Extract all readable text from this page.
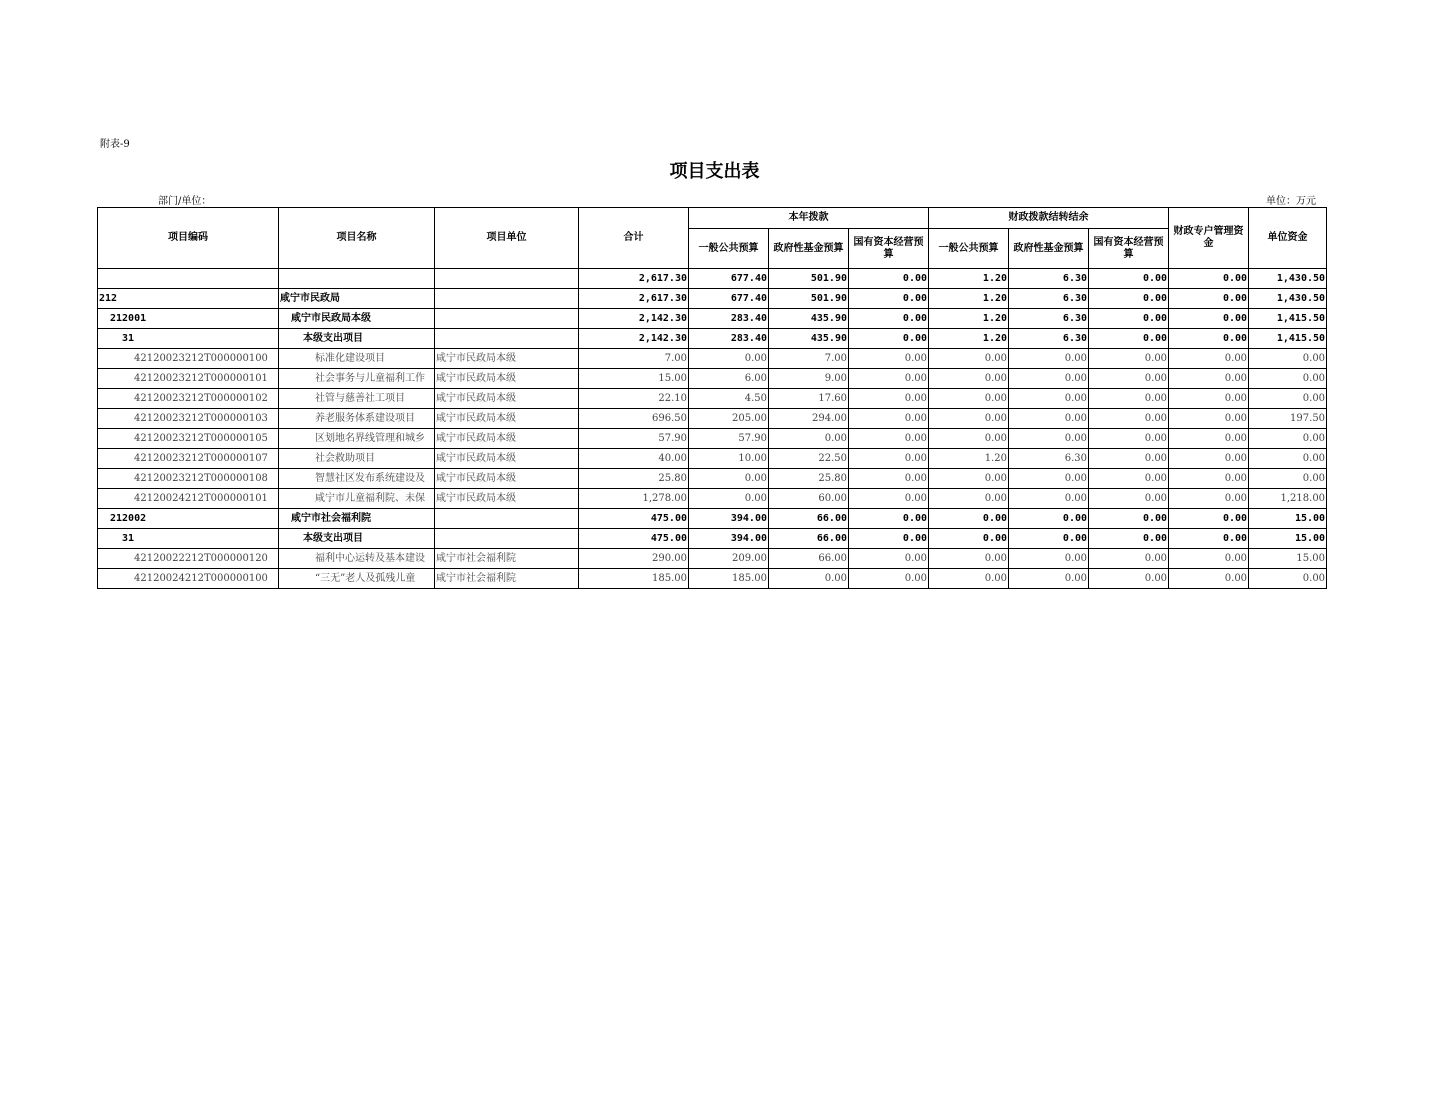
附表-9
项目支出表
部门/单位：	单位：万元
项目编码	项目名称	项目单位	合计	本年拨款			财政拨款结转结余			财政专户管理资金	单位资金
				一般公共预算	政府性基金预算	国有资本经营预算	一般公共预算	政府性基金预算	国有资本经营预算		
			2,617.30	677.40	501.90	0.00	1.20	6.30	0.00	0.00	1,430.50
212	咸宁市民政局		2,617.30	677.40	501.90	0.00	1.20	6.30	0.00	0.00	1,430.50
212001	咸宁市民政局本级		2,142.30	283.40	435.90	0.00	1.20	6.30	0.00	0.00	1,415.50
31	本级支出项目		2,142.30	283.40	435.90	0.00	1.20	6.30	0.00	0.00	1,415.50
42120023212T000000100	标准化建设项目	咸宁市民政局本级	7.00	0.00	7.00	0.00	0.00	0.00	0.00	0.00	0.00
42120023212T000000101	社会事务与儿童福利工作	咸宁市民政局本级	15.00	6.00	9.00	0.00	0.00	0.00	0.00	0.00	0.00
42120023212T000000102	社管与慈善社工项目	咸宁市民政局本级	22.10	4.50	17.60	0.00	0.00	0.00	0.00	0.00	0.00
42120023212T000000103	养老服务体系建设项目	咸宁市民政局本级	696.50	205.00	294.00	0.00	0.00	0.00	0.00	0.00	197.50
42120023212T000000105	区划地名界线管理和城乡	咸宁市民政局本级	57.90	57.90	0.00	0.00	0.00	0.00	0.00	0.00	0.00
42120023212T000000107	社会救助项目	咸宁市民政局本级	40.00	10.00	22.50	0.00	1.20	6.30	0.00	0.00	0.00
42120023212T000000108	智慧社区发布系统建设及	咸宁市民政局本级	25.80	0.00	25.80	0.00	0.00	0.00	0.00	0.00	0.00
42120024212T000000101	咸宁市儿童福利院、未保	咸宁市民政局本级	1,278.00	0.00	60.00	0.00	0.00	0.00	0.00	0.00	1,218.00
212002	咸宁市社会福利院		475.00	394.00	66.00	0.00	0.00	0.00	0.00	0.00	15.00
31	本级支出项目		475.00	394.00	66.00	0.00	0.00	0.00	0.00	0.00	15.00
42120022212T000000120	福利中心运转及基本建设	咸宁市社会福利院	290.00	209.00	66.00	0.00	0.00	0.00	0.00	0.00	15.00
42120024212T000000100	“三无”老人及孤残儿童	咸宁市社会福利院	185.00	185.00	0.00	0.00	0.00	0.00	0.00	0.00	0.00
